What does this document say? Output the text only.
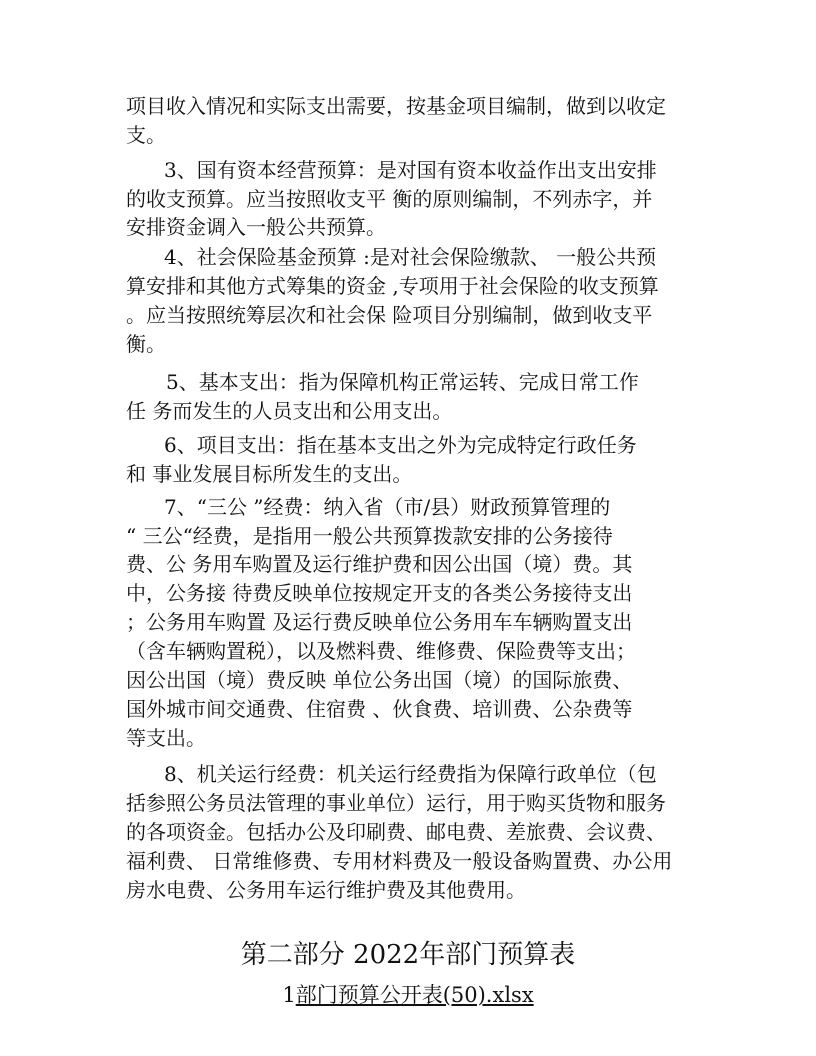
项目收入情况和实际支出需要，按基金项目编制，做到以收定
支。
3、国有资本经营预算：是对国有资本收益作出支出安排
的收支预算。应当按照收支平 衡的原则编制，不列赤字，并
安排资金调入一般公共预算。
4、社会保险基金预算 :是对社会保险缴款、 一般公共预
算安排和其他方式筹集的资金 ,专项用于社会保险的收支预算
。应当按照统筹层次和社会保 险项目分别编制，做到收支平
衡。
5、基本支出：指为保障机构正常运转、完成日常工作
任 务而发生的人员支出和公用支出。
6、项目支出：指在基本支出之外为完成特定行政任务
和 事业发展目标所发生的支出。
7、“三公 ”经费：纳入省（市/县）财政预算管理的
“ 三公“经费，是指用一般公共预算拨款安排的公务接待
费、公 务用车购置及运行维护费和因公出国（境）费。其
中，公务接 待费反映单位按规定开支的各类公务接待支出
；公务用车购置 及运行费反映单位公务用车车辆购置支出
（含车辆购置税），以及燃料费、维修费、保险费等支出；
因公出国（境）费反映 单位公务出国（境）的国际旅费、
国外城市间交通费、住宿费 、伙食费、培训费、公杂费等
等支出。
8、机关运行经费：机关运行经费指为保障行政单位（包
括参照公务员法管理的事业单位）运行，用于购买货物和服务
的各项资金。包括办公及印刷费、邮电费、差旅费、会议费、
福利费、 日常维修费、专用材料费及一般设备购置费、办公用
房水电费、公务用车运行维护费及其他费用。
第二部分 2022年部门预算表
1部门预算公开表(50).xlsx
